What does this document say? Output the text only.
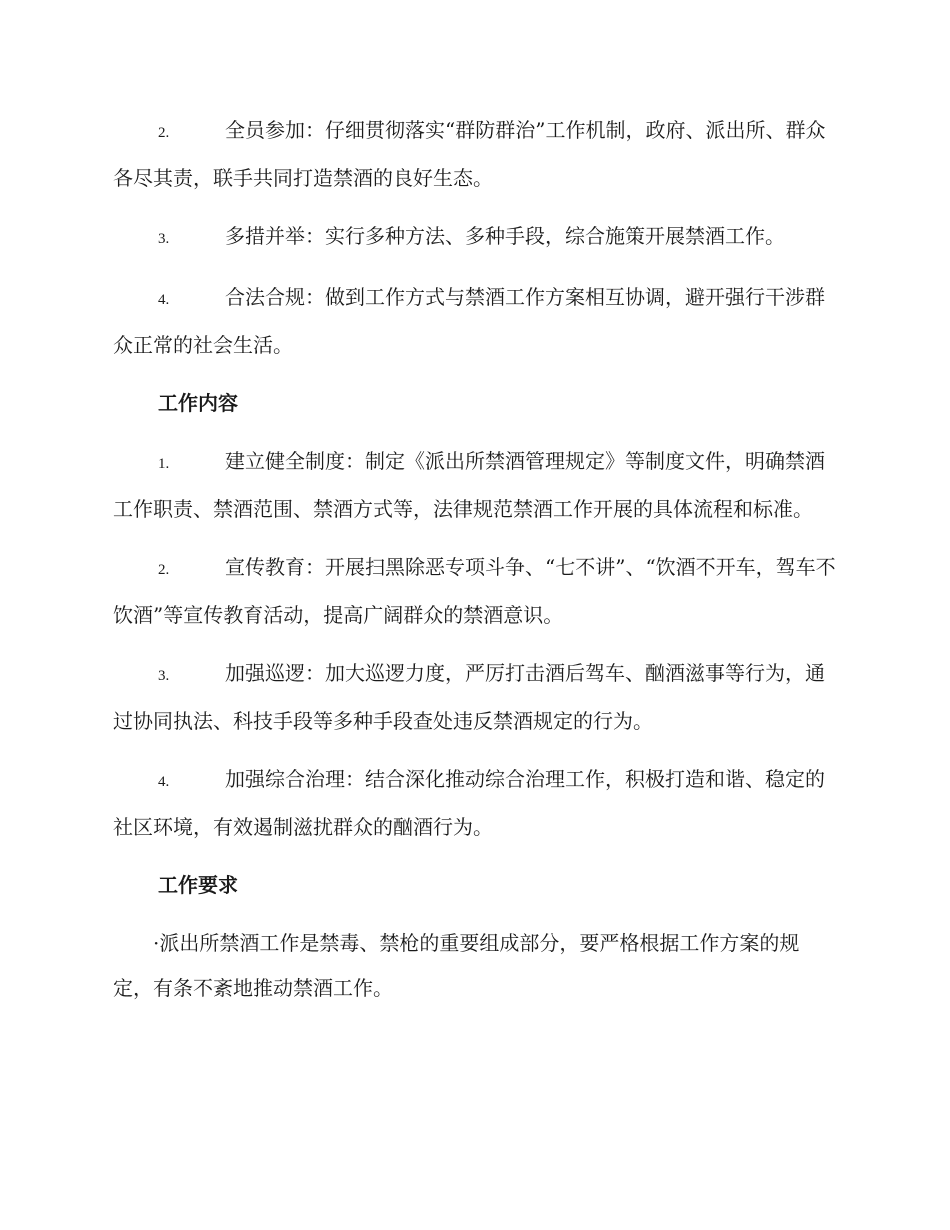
2.	全员参加：仔细贯彻落实“群防群治”工作机制，政府、派出所、群众各尽其责，联手共同打造禁酒的良好生态。

3.	多措并举：实行多种方法、多种手段，综合施策开展禁酒工作。

4.	合法合规：做到工作方式与禁酒工作方案相互协调，避开强行干涉群众正常的社会生活。

工作内容

1.	建立健全制度：制定《派出所禁酒管理规定》等制度文件，明确禁酒工作职责、禁酒范围、禁酒方式等，法律规范禁酒工作开展的具体流程和标准。

2.	宣传教育：开展扫黑除恶专项斗争、“七不讲”、“饮酒不开车，驾车不饮酒”等宣传教育活动，提高广阔群众的禁酒意识。

3.	加强巡逻：加大巡逻力度，严厉打击酒后驾车、酗酒滋事等行为，通过协同执法、科技手段等多种手段查处违反禁酒规定的行为。

4.	加强综合治理：结合深化推动综合治理工作，积极打造和谐、稳定的社区环境，有效遏制滋扰群众的酗酒行为。

工作要求

·派出所禁酒工作是禁毒、禁枪的重要组成部分，要严格根据工作方案的规定，有条不紊地推动禁酒工作。
